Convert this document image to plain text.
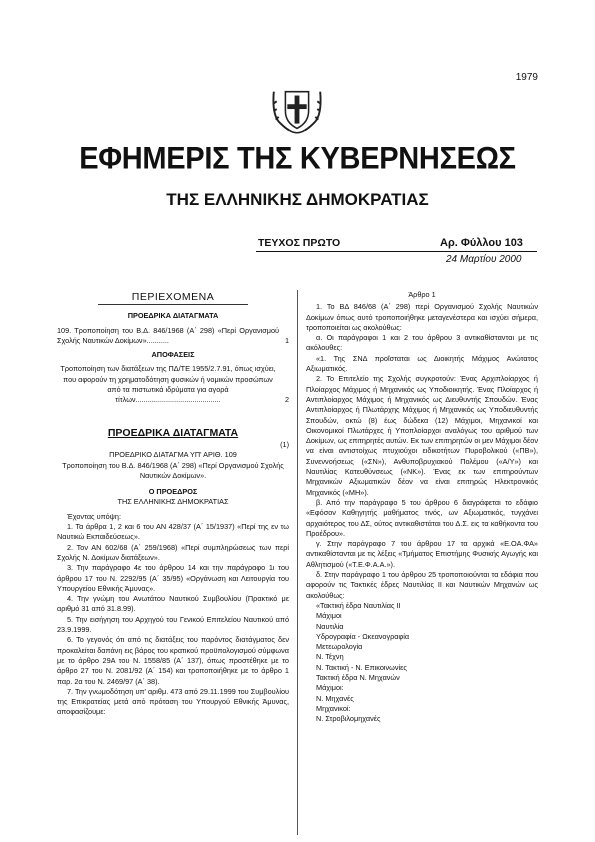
1979
ΕΦΗΜΕΡΙΣ ΤΗΣ ΚΥΒΕΡΝΗΣΕΩΣ
ΤΗΣ ΕΛΛΗΝΙΚΗΣ ΔΗΜΟΚΡΑΤΙΑΣ
ΤΕΥΧΟΣ ΠΡΩΤΟ	Αρ. Φύλλου 103
24 Μαρτίου 2000
ΠΕΡΙΕΧΟΜΕΝΑ
ΠΡΟΕΔΡΙΚΑ ΔΙΑΤΑΓΜΑΤΑ
109. Τροποποίηση του Β.Δ. 846/1968 (Α΄ 298) «Περί Οργανισμού Σχολής Ναυτικών Δοκίμων»...........	1
ΑΠΟΦΑΣΕΙΣ
Τροποποίηση των διατάξεων της ΠΔ/ΤΕ 1955/2.7.91, όπως ισχύει, που αφορούν τη χρηματοδότηση φυσικών ή νομικών προσώπων από τα πιστωτικά ιδρύματα για αγορά τίτλων..........................................	2
ΠΡΟΕΔΡΙΚΑ ΔΙΑΤΑΓΜΑΤΑ
(1)
ΠΡΟΕΔΡΙΚΟ ΔΙΑΤΑΓΜΑ ΥΠ' ΑΡΙΘ. 109
Τροποποίηση του Β.Δ. 846/1968 (Α΄ 298) «Περί Οργανισμού Σχολής Ναυτικών Δοκίμων».
Ο ΠΡΟΕΔΡΟΣ
ΤΗΣ ΕΛΛΗΝΙΚΗΣ ΔΗΜΟΚΡΑΤΙΑΣ

Έχοντας υπόψη:

1. Τα άρθρα 1, 2 και 6 του ΑΝ 428/37 (Α΄ 15/1937) «Περί της εν τω Ναυτικώ Εκπαιδεύσεως».

2. Τον ΑΝ 602/68 (Α΄ 259/1968) «Περί συμπληρώσεως των περί Σχολής Ν. Δοκίμων διατάξεων».

3. Την παράγραφο 4ε του άρθρου 14 και την παράγραφο 1ι του άρθρου 17 του Ν. 2292/95 (Α΄ 35/95) «Οργάνωση και Λειτουργία του Υπουργείου Εθνικής Άμυνας».

4. Την γνώμη του Ανωτάτου Ναυτικού Συμβουλίου (Πρακτικό με αριθμό 31 από 31.8.99).

5. Την εισήγηση του Αρχηγού του Γενικού Επιτελείου Ναυτικού από 23.9.1999.

6. Το γεγονός ότι από τις διατάξεις του παρόντος διατάγματος δεν προκαλείται δαπάνη εις βάρος του κρατικού προϋπολογισμού σύμφωνα με το άρθρο 29Α του Ν. 1558/85 (Α΄ 137), όπως προστέθηκε με το άρθρο 27 του Ν. 2081/92 (Α΄ 154) και τροποποιήθηκε με το άρθρο 1 παρ. 2α του Ν. 2469/97 (Α΄ 38).

7. Την γνωμοδότηση υπ' αριθμ. 473 από 29.11.1999 του Συμβουλίου της Επικρατείας μετά από πρόταση του Υπουργού Εθνικής Άμυνας, αποφασίζουμε:

Άρθρο 1

1. Το ΒΔ 846/68 (Α΄ 298) περί Οργανισμού Σχολής Ναυτικών Δοκίμων όπως αυτό τροποποιήθηκε μεταγενέστερα και ισχύει σήμερα, τροποποιείται ως ακολούθως:

α. Οι παράγραφοι 1 και 2 του άρθρου 3 αντικαθίστανται με τις ακόλουθες:

«1. Της ΣΝΔ προΐσταται ως Διοικητής Μάχιμος Ανώτατος Αξιωματικός.

2. Το Επιτελείο της Σχολής συγκροτούν: Ένας Αρχιπλοίαρχος ή Πλοίαρχος Μάχιμος ή Μηχανικός ως Υποδιοικητής. Ένας Πλοίαρχος ή Αντιπλοίαρχος Μάχιμος ή Μηχανικός ως Διευθυντής Σπουδών. Ένας Αντιπλοίαρχος ή Πλωτάρχης Μάχιμος ή Μηχανικός ως Υποδιευθυντής Σπουδών, οκτώ (8) έως δώδεκα (12) Μάχιμοι, Μηχανικοί και Οικονομικοί Πλωτάρχες ή Υποπλοίαρχοι αναλόγως του αριθμού των Δοκίμων, ως επιτηρητές αυτών. Εκ των επιτηρητών οι μεν Μάχιμοι δέον να είναι αντιστοίχως πτυχιούχοι ειδικοτήτων Πυροβολικού («ΠΒ»), Συνεννοήσεως («ΣΝ»), Ανθυποβρυχιακού Πολέμου («Α/Υ») και Ναυτιλίας Κατευθύνσεως («ΝΚ»). Ένας εκ των επιτηρούντων Μηχανικών Αξιωματικών δέον να είναι επιτηρώς Ηλεκτρονικός Μηχανικός («ΜΗ»).

β. Από την παράγραφο 5 του άρθρου 6 διαγράφεται το εδάφιο «Εφόσον Καθηγητής μαθήματος τινός, ων Αξιωματικός, τυγχάνει αρχαιότερος του ΔΣ, ούτος αντικαθιστάται του Δ.Σ. εις τα καθήκοντα του Προέδρου».

γ. Στην παράγραφο 7 του άρθρου 17 τα αρχικά «Ε.ΟΑ.ΦΑ» αντικαθίστανται με τις λέξεις «Τμήματος Επιστήμης Φυσικής Αγωγής και Αθλητισμού («Τ.Ε.Φ.Α.Α.»).

δ. Στην παράγραφο 1 του άρθρου 25 τροποποιούνται τα εδάφια που αφορούν τις Τακτικές έδρες Ναυτιλίας ΙΙ και Ναυτικών Μηχανών ως ακολούθως:

«Τακτική έδρα Ναυτιλίας ΙΙ

Μάχιμοι

Ναυτιλία

Υδρογραφία - Ωκεανογραφία

Μετεωρολογία

Ν. Τέχνη

Ν. Τακτική - Ν. Επικοινωνίες

Τακτική έδρα Ν. Μηχανών

Μάχιμοι:

Ν. Μηχανές

Μηχανικοί:

Ν. Στροβιλομηχανές
